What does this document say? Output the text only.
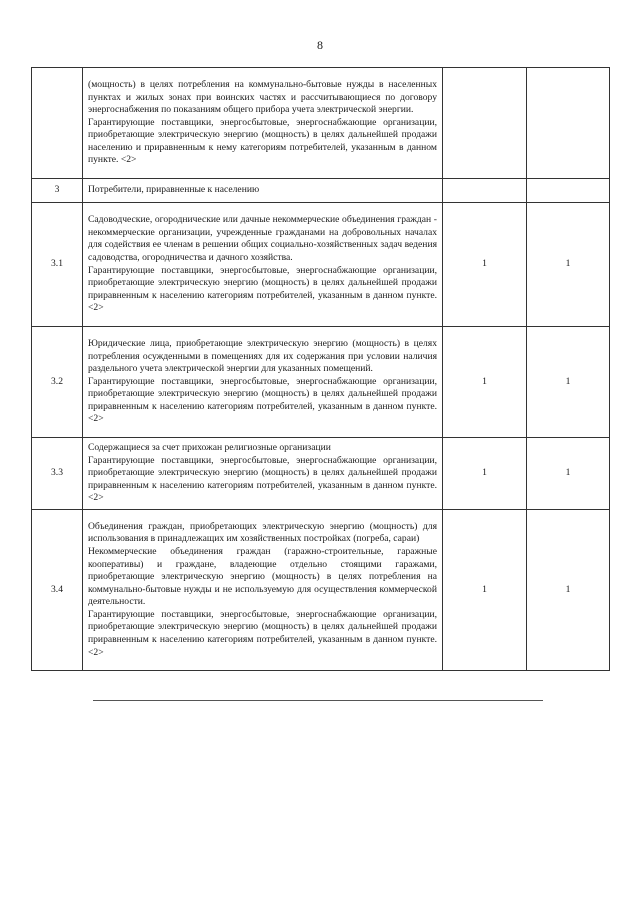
8

	(мощность) в целях потребления на коммунально-бытовые нужды в населенных пунктах и жилых зонах при воинских частях и рассчитывающиеся по договору энергоснабжения по показаниям общего прибора учета электрической энергии.
Гарантирующие поставщики, энергосбытовые, энергоснабжающие организации, приобретающие электрическую энергию (мощность) в целях дальнейшей продажи населению и приравненным к нему категориям потребителей, указанным в данном пункте. <2>		

3	Потребители, приравненные к населению		

3.1	Садоводческие, огороднические или дачные некоммерческие объединения граждан - некоммерческие организации, учрежденные гражданами на добровольных началах для содействия ее членам в решении общих социально-хозяйственных задач ведения садоводства, огородничества и дачного хозяйства.
Гарантирующие поставщики, энергосбытовые, энергоснабжающие организации, приобретающие электрическую энергию (мощность) в целях дальнейшей продажи приравненным к населению категориям потребителей, указанным в данном пункте. <2>	1	1
3.2	Юридические лица, приобретающие электрическую энергию (мощность) в целях потребления осужденными в помещениях для их содержания при условии наличия раздельного учета электрической энергии для указанных помещений.
Гарантирующие поставщики, энергосбытовые, энергоснабжающие организации, приобретающие электрическую энергию (мощность) в целях дальнейшей продажи приравненным к населению категориям потребителей, указанным в данном пункте. <2>	1	1
3.3	Содержащиеся за счет прихожан религиозные организации
Гарантирующие поставщики, энергосбытовые, энергоснабжающие организации, приобретающие электрическую энергию (мощность) в целях дальнейшей продажи приравненным к населению категориям потребителей, указанным в данном пункте. <2>	1	1
3.4	Объединения граждан, приобретающих электрическую энергию (мощность) для использования в принадлежащих им хозяйственных постройках (погреба, сараи)
Некоммерческие объединения граждан (гаражно-строительные, гаражные кооперативы) и граждане, владеющие отдельно стоящими гаражами, приобретающие электрическую энергию (мощность) в целях потребления на коммунально-бытовые нужды и не используемую для осуществления коммерческой деятельности.
Гарантирующие поставщики, энергосбытовые, энергоснабжающие организации, приобретающие электрическую энергию (мощность) в целях дальнейшей продажи приравненным к населению категориям потребителей, указанным в данном пункте. <2>	1	1
